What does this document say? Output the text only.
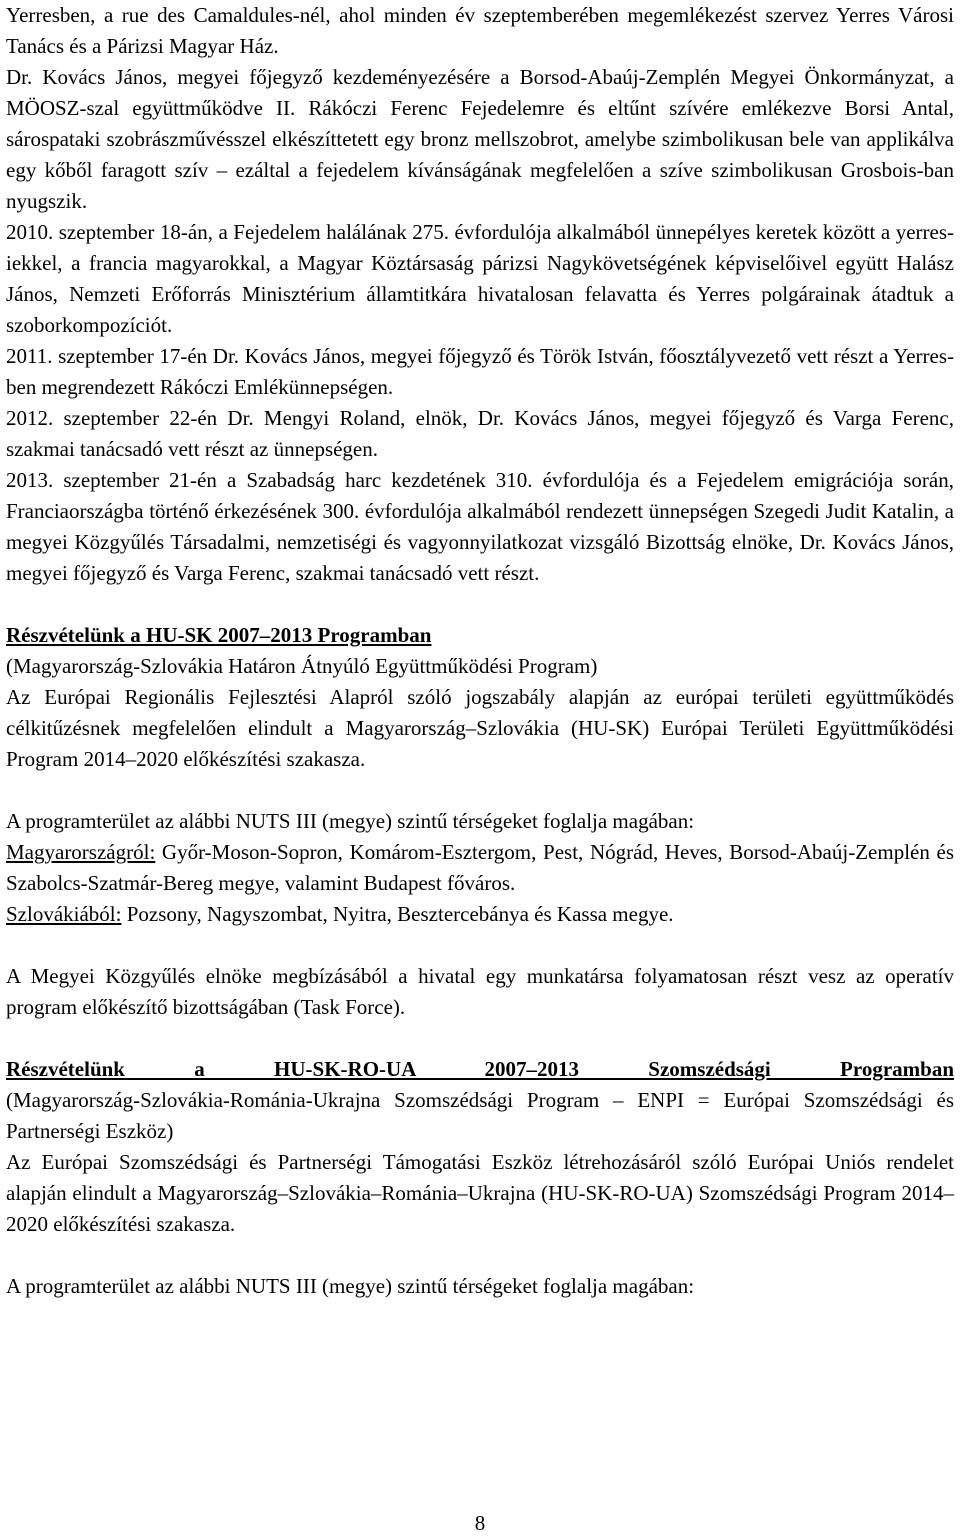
Yerresben, a rue des Camaldules-nél, ahol minden év szeptemberében megemlékezést szervez Yerres Városi Tanács és a Párizsi Magyar Ház.

Dr. Kovács János, megyei főjegyző kezdeményezésére a Borsod-Abaúj-Zemplén Megyei Önkormányzat, a MÖOSZ-szal együttműködve II. Rákóczi Ferenc Fejedelemre és eltűnt szívére emlékezve Borsi Antal, sárospataki szobrászművésszel elkészíttetett egy bronz mellszobrot, amelybe szimbolikusan bele van applikálva egy kőből faragott szív – ezáltal a fejedelem kívánságának megfelelően a szíve szimbolikusan Grosbois-ban nyugszik.

2010. szeptember 18-án, a Fejedelem halálának 275. évfordulója alkalmából ünnepélyes keretek között a yerres-iekkel, a francia magyarokkal, a Magyar Köztársaság párizsi Nagykövetségének képviselőivel együtt Halász János, Nemzeti Erőforrás Minisztérium államtitkára hivatalosan felavatta és Yerres polgárainak átadtuk a szoborkompozíciót.

2011. szeptember 17-én Dr. Kovács János, megyei főjegyző és Török István, főosztályvezető vett részt a Yerres-ben megrendezett Rákóczi Emlékünnepségen.

2012. szeptember 22-én Dr. Mengyi Roland, elnök, Dr. Kovács János, megyei főjegyző és Varga Ferenc, szakmai tanácsadó vett részt az ünnepségen.

2013. szeptember 21-én a Szabadság harc kezdetének 310. évfordulója és a Fejedelem emigrációja során, Franciaországba történő érkezésének 300. évfordulója alkalmából rendezett ünnepségen Szegedi Judit Katalin, a megyei Közgyűlés Társadalmi, nemzetiségi és vagyonnyilatkozat vizsgáló Bizottság elnöke, Dr. Kovács János, megyei főjegyző és Varga Ferenc, szakmai tanácsadó vett részt.

Részvételünk a HU-SK 2007–2013 Programban

(Magyarország-Szlovákia Határon Átnyúló Együttműködési Program)

Az Európai Regionális Fejlesztési Alapról szóló jogszabály alapján az európai területi együttműködés célkitűzésnek megfelelően elindult a Magyarország–Szlovákia (HU-SK) Európai Területi Együttműködési Program 2014–2020 előkészítési szakasza.

A programterület az alábbi NUTS III (megye) szintű térségeket foglalja magában:

Magyarországról: Győr-Moson-Sopron, Komárom-Esztergom, Pest, Nógrád, Heves, Borsod-Abaúj-Zemplén és Szabolcs-Szatmár-Bereg megye, valamint Budapest főváros.

Szlovákiából: Pozsony, Nagyszombat, Nyitra, Besztercebánya és Kassa megye.

A Megyei Közgyűlés elnöke megbízásából a hivatal egy munkatársa folyamatosan részt vesz az operatív program előkészítő bizottságában (Task Force).

Részvételünk a HU-SK-RO-UA 2007–2013 Szomszédsági Programban

(Magyarország-Szlovákia-Románia-Ukrajna Szomszédsági Program – ENPI = Európai Szomszédsági és Partnerségi Eszköz)

Az Európai Szomszédsági és Partnerségi Támogatási Eszköz létrehozásáról szóló Európai Uniós rendelet alapján elindult a Magyarország–Szlovákia–Románia–Ukrajna (HU-SK-RO-UA) Szomszédsági Program 2014–2020 előkészítési szakasza.

A programterület az alábbi NUTS III (megye) szintű térségeket foglalja magában:

8
